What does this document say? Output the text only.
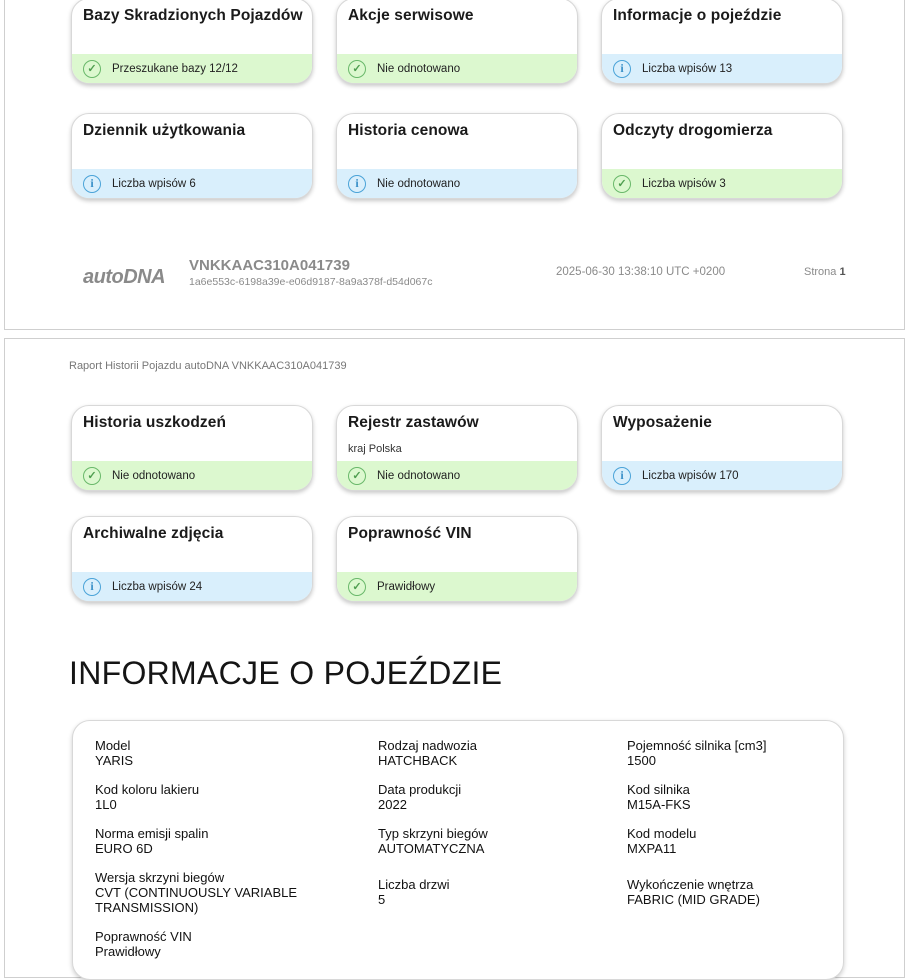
Bazy Skradzionych Pojazdów
✓	Przeszukane bazy 12/12
Akcje serwisowe
✓	Nie odnotowano
Informacje o pojeździe
i	Liczba wpisów 13
Dziennik użytkowania
i	Liczba wpisów 6
Historia cenowa
i	Nie odnotowano
Odczyty drogomierza
✓	Liczba wpisów 3
autoDNA
VNKKAAC310A041739
1a6e553c-6198a39e-e06d9187-8a9a378f-d54d067c
2025-06-30 13:38:10 UTC +0200	Strona 1
Raport Historii Pojazdu autoDNA VNKKAAC310A041739
Historia uszkodzeń
✓	Nie odnotowano
Rejestr zastawów
kraj Polska
✓	Nie odnotowano
Wyposażenie
i	Liczba wpisów 170
Archiwalne zdjęcia
i	Liczba wpisów 24
Poprawność VIN
✓	Prawidłowy
INFORMACJE O POJEŹDZIE
Model
YARIS
Rodzaj nadwozia
HATCHBACK
Pojemność silnika [cm3]
1500
Kod koloru lakieru
1L0
Data produkcji
2022
Kod silnika
M15A-FKS
Norma emisji spalin
EURO 6D
Typ skrzyni biegów
AUTOMATYCZNA
Kod modelu
MXPA11
Wersja skrzyni biegów
CVT (CONTINUOUSLY VARIABLE TRANSMISSION)
Liczba drzwi
5
Wykończenie wnętrza
FABRIC (MID GRADE)
Poprawność VIN
Prawidłowy
